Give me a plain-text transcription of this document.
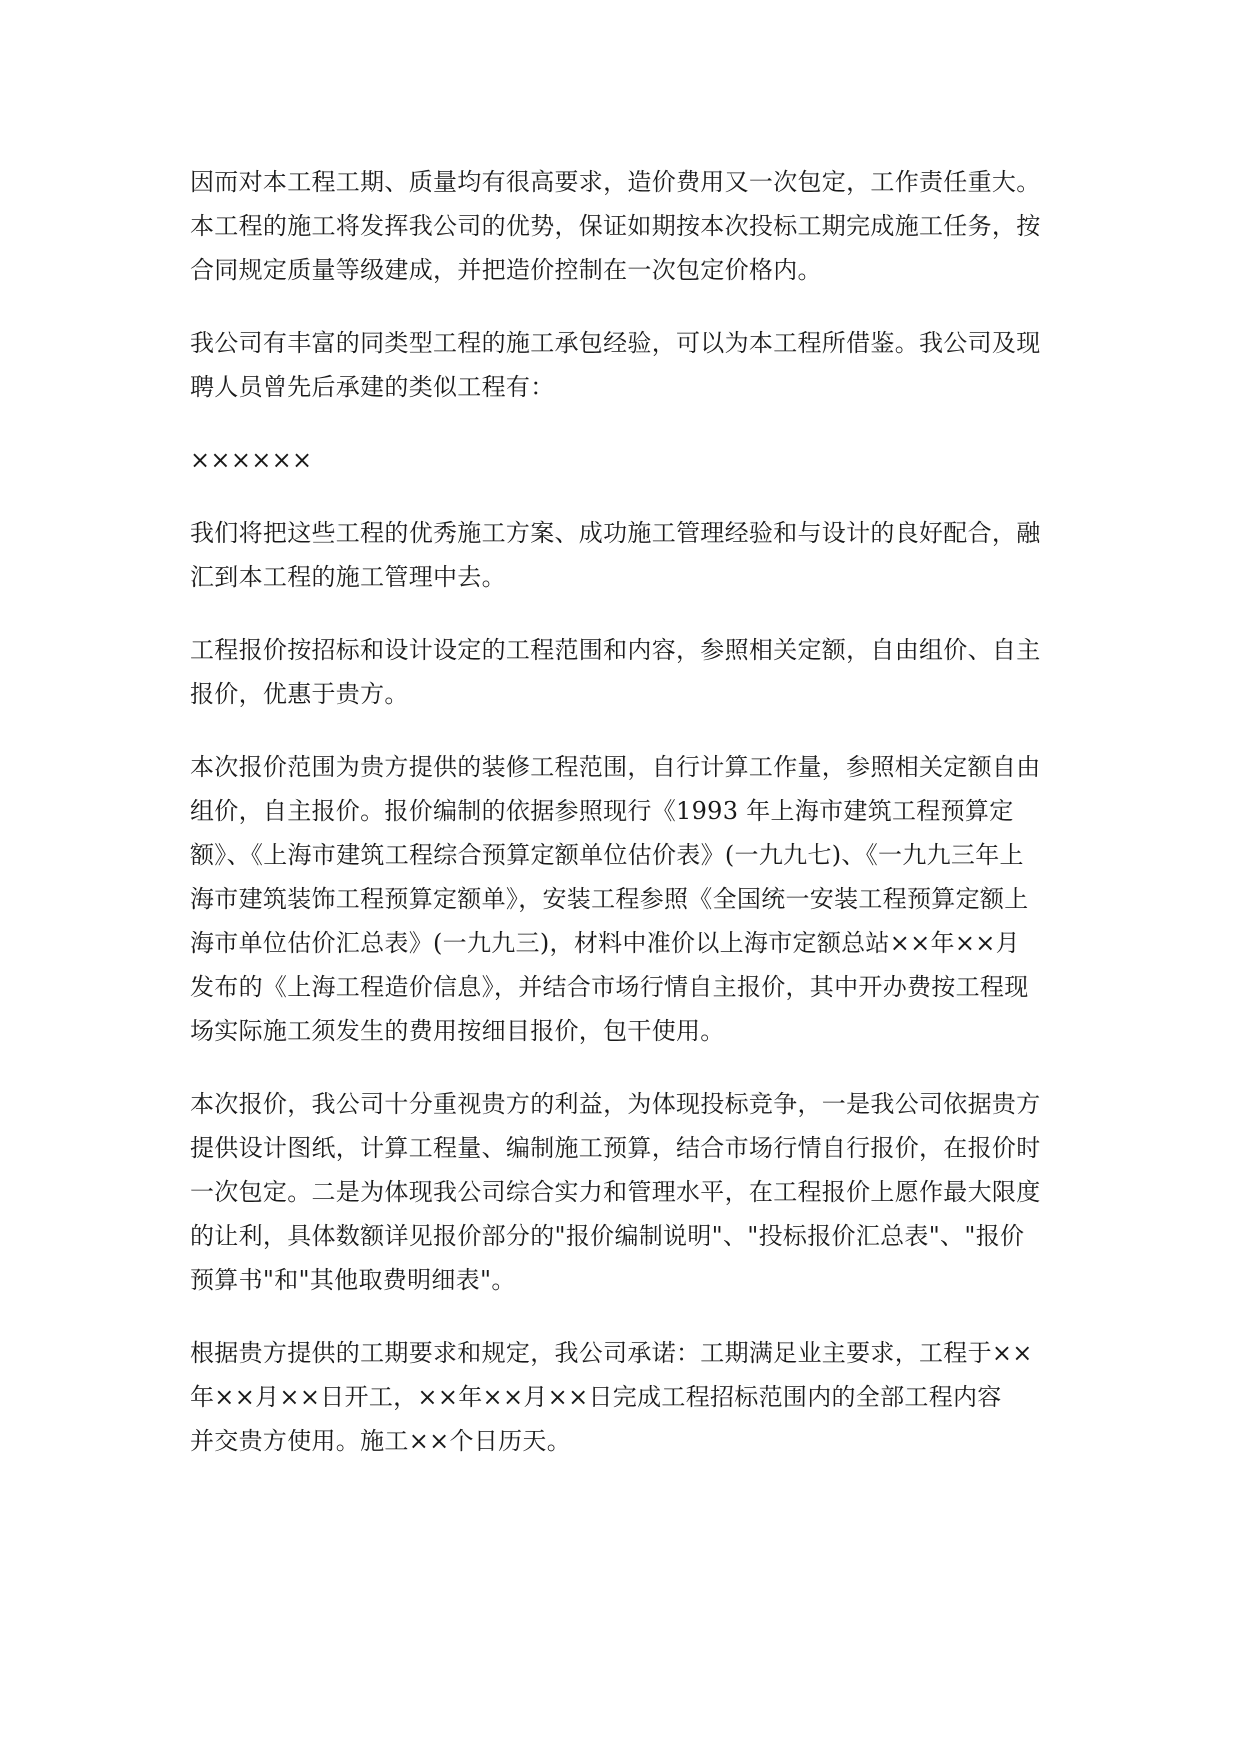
因而对本工程工期、质量均有很高要求，造价费用又一次包定，工作责任重大。
本工程的施工将发挥我公司的优势，保证如期按本次投标工期完成施工任务，按
合同规定质量等级建成，并把造价控制在一次包定价格内。

我公司有丰富的同类型工程的施工承包经验，可以为本工程所借鉴。我公司及现
聘人员曾先后承建的类似工程有：

××××××

我们将把这些工程的优秀施工方案、成功施工管理经验和与设计的良好配合，融
汇到本工程的施工管理中去。

工程报价按招标和设计设定的工程范围和内容，参照相关定额，自由组价、自主
报价，优惠于贵方。

本次报价范围为贵方提供的装修工程范围，自行计算工作量，参照相关定额自由
组价，自主报价。报价编制的依据参照现行《1993 年上海市建筑工程预算定
额》、《上海市建筑工程综合预算定额单位估价表》(一九九七)、《一九九三年上
海市建筑装饰工程预算定额单》，安装工程参照《全国统一安装工程预算定额上
海市单位估价汇总表》(一九九三)，材料中准价以上海市定额总站××年××月
发布的《上海工程造价信息》，并结合市场行情自主报价，其中开办费按工程现
场实际施工须发生的费用按细目报价，包干使用。

本次报价，我公司十分重视贵方的利益，为体现投标竞争，一是我公司依据贵方
提供设计图纸，计算工程量、编制施工预算，结合市场行情自行报价，在报价时
一次包定。二是为体现我公司综合实力和管理水平，在工程报价上愿作最大限度
的让利，具体数额详见报价部分的"报价编制说明"、"投标报价汇总表"、"报价
预算书"和"其他取费明细表"。

根据贵方提供的工期要求和规定，我公司承诺：工期满足业主要求，工程于××
年××月××日开工，××年××月××日完成工程招标范围内的全部工程内容
并交贵方使用。施工××个日历天。
